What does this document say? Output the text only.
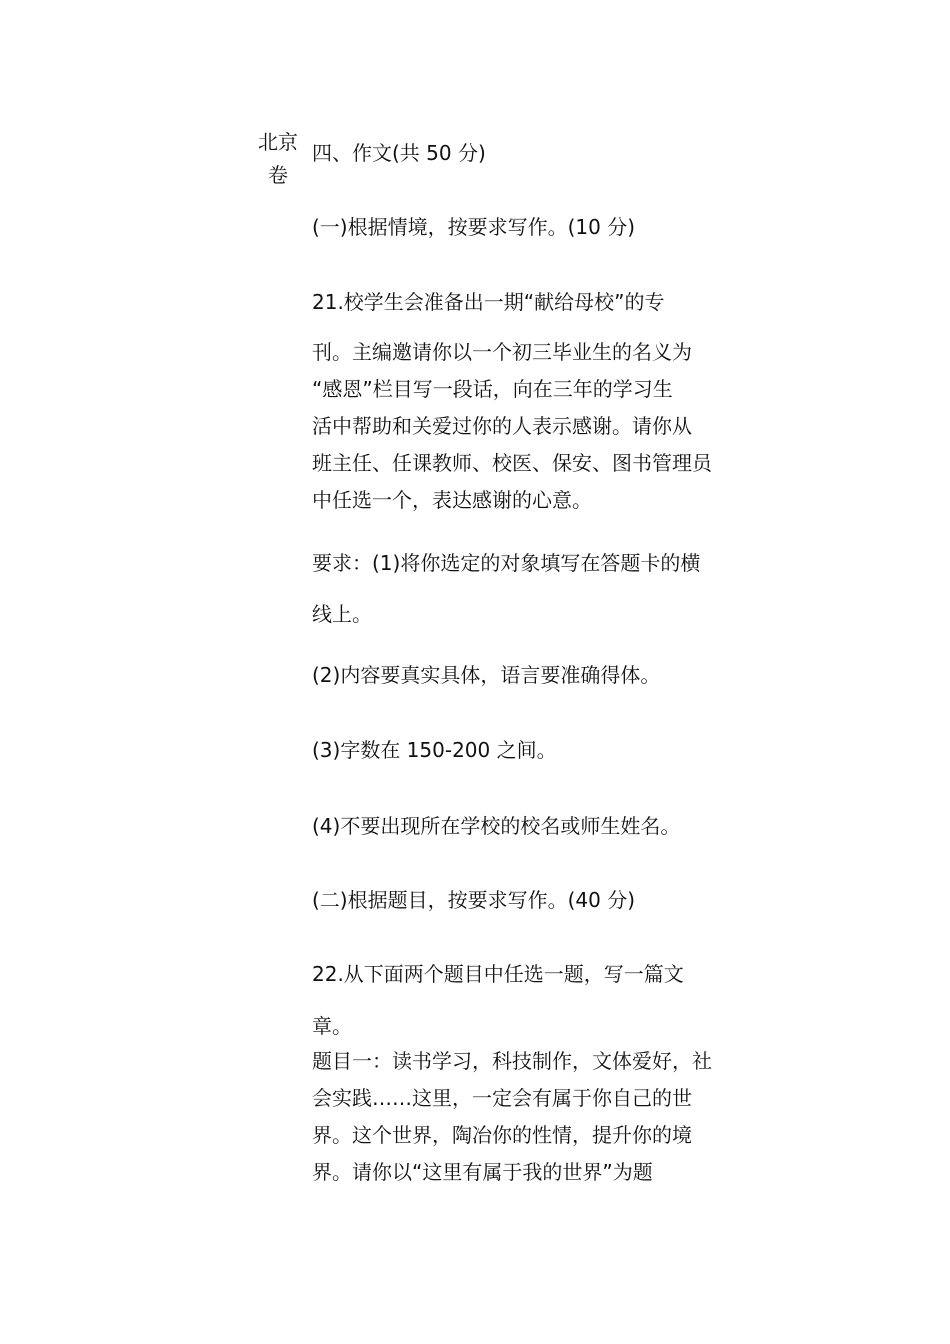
北京
卷
四、作文(共 50 分)
(一)根据情境，按要求写作。(10 分)
21.校学生会准备出一期“献给母校”的专
刊。主编邀请你以一个初三毕业生的名义为
“感恩”栏目写一段话，向在三年的学习生
活中帮助和关爱过你的人表示感谢。请你从
班主任、任课教师、校医、保安、图书管理员
中任选一个，表达感谢的心意。
要求：(1)将你选定的对象填写在答题卡的横
线上。
(2)内容要真实具体，语言要准确得体。
(3)字数在 150-200 之间。
(4)不要出现所在学校的校名或师生姓名。
(二)根据题目，按要求写作。(40 分)
22.从下面两个题目中任选一题，写一篇文
章。
题目一：读书学习，科技制作，文体爱好，社
会实践……这里，一定会有属于你自己的世
界。这个世界，陶冶你的性情，提升你的境
界。请你以“这里有属于我的世界”为题
